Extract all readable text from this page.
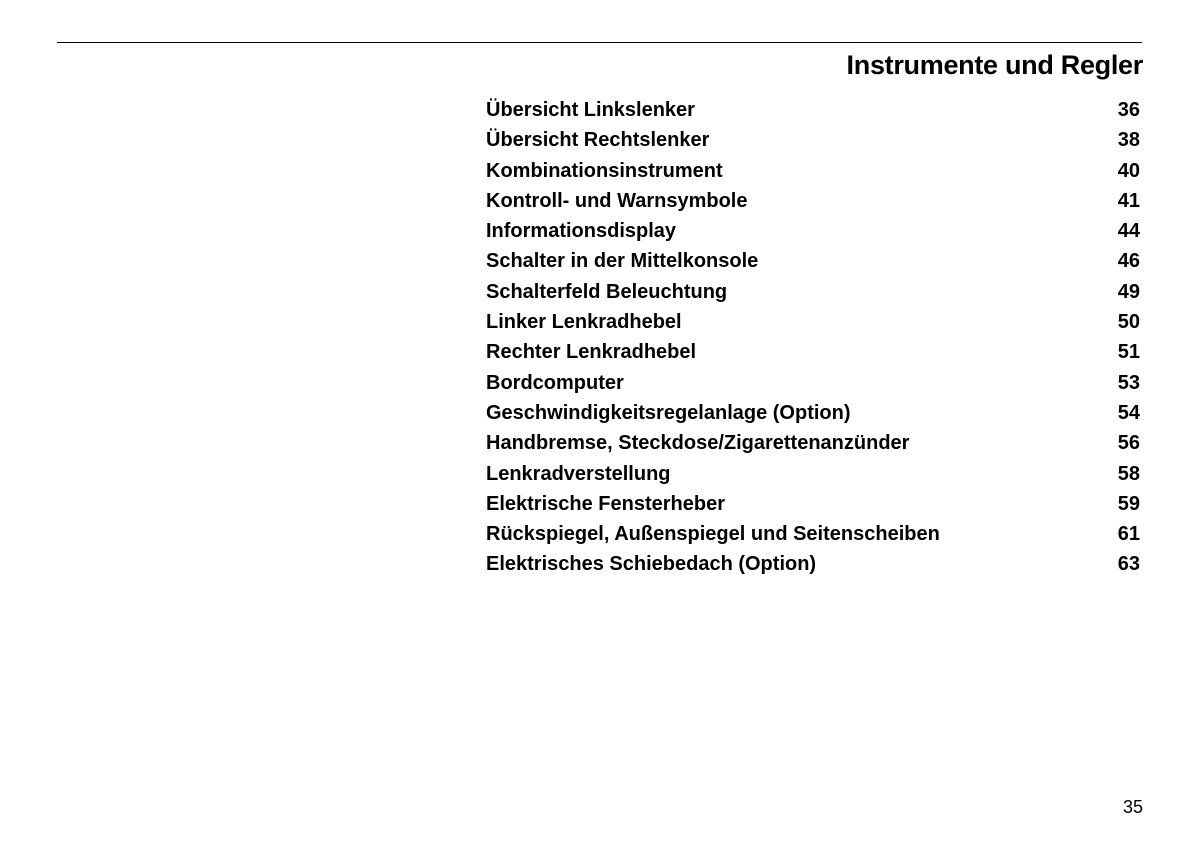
Instrumente und Regler
Übersicht Linkslenker	36
Übersicht Rechtslenker	38
Kombinationsinstrument	40
Kontroll- und Warnsymbole	41
Informationsdisplay	44
Schalter in der Mittelkonsole	46
Schalterfeld Beleuchtung	49
Linker Lenkradhebel	50
Rechter Lenkradhebel	51
Bordcomputer	53
Geschwindigkeitsregelanlage (Option)	54
Handbremse, Steckdose/Zigarettenanzünder	56
Lenkradverstellung	58
Elektrische Fensterheber	59
Rückspiegel, Außenspiegel und Seitenscheiben	61
Elektrisches Schiebedach (Option)	63
35
